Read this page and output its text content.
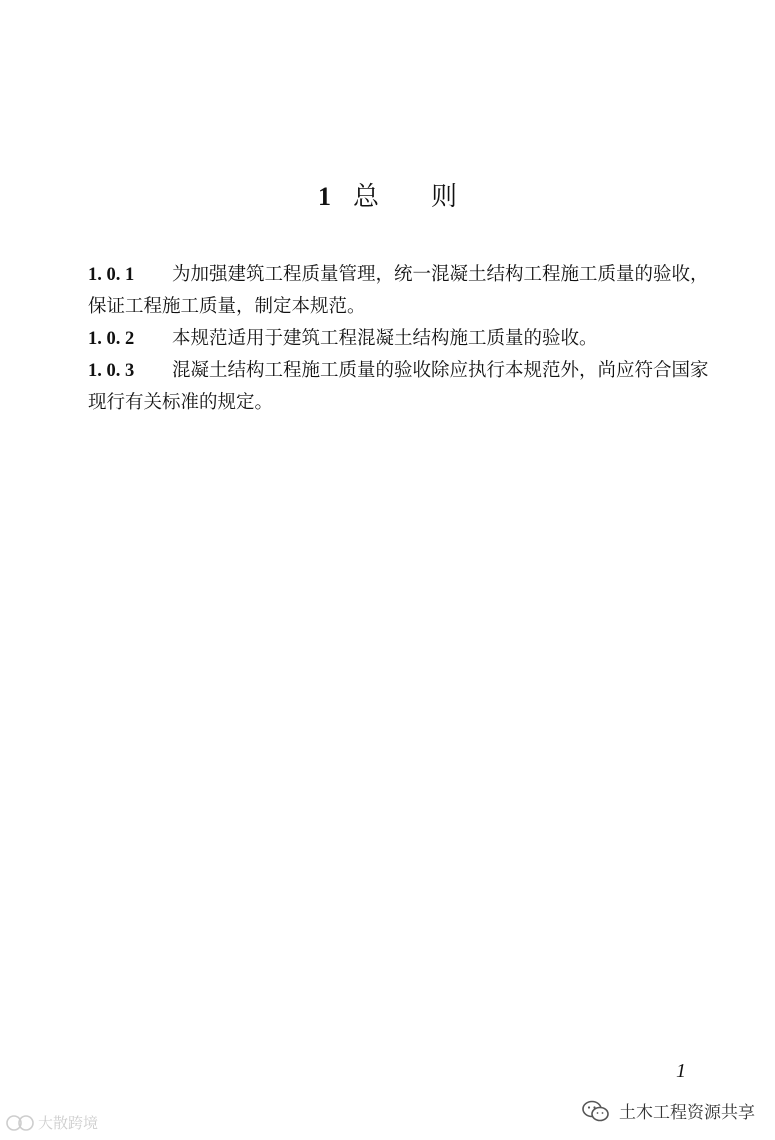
1 总　　则
1. 0. 1 为加强建筑工程质量管理，统一混凝土结构工程施工质量的验收，保证工程施工质量，制定本规范。
1. 0. 2 本规范适用于建筑工程混凝土结构施工质量的验收。
1. 0. 3 混凝土结构工程施工质量的验收除应执行本规范外，尚应符合国家现行有关标准的规定。
1
土木工程资源共享
大散跨境
